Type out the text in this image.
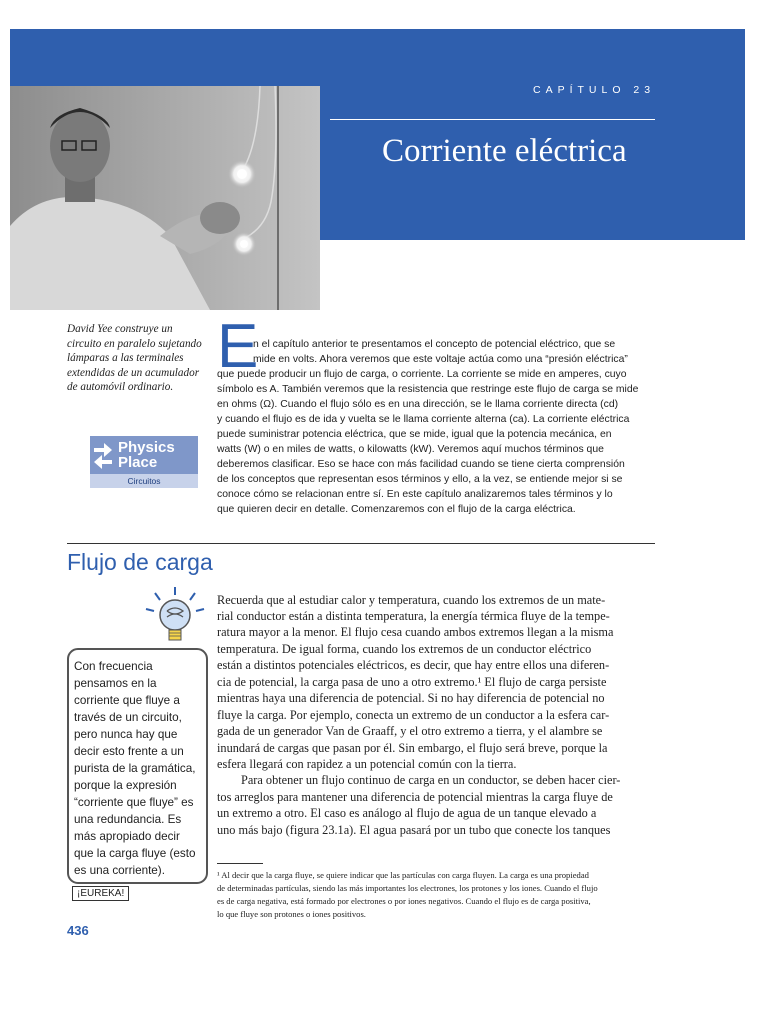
CAPÍTULO 23
Corriente eléctrica
David Yee construye un circuito en paralelo sujetando lámparas a las terminales extendidas de un acumulador de automóvil ordinario.
Physics
Place
Circuitos
E
n el capítulo anterior te presentamos el concepto de potencial eléctrico, que se
mide en volts. Ahora veremos que este voltaje actúa como una “presión eléctrica”
que puede producir un flujo de carga, o corriente. La corriente se mide en amperes, cuyo
símbolo es A. También veremos que la resistencia que restringe este flujo de carga se mide
en ohms (Ω). Cuando el flujo sólo es en una dirección, se le llama corriente directa (cd)
y cuando el flujo es de ida y vuelta se le llama corriente alterna (ca). La corriente eléctrica
puede suministrar potencia eléctrica, que se mide, igual que la potencia mecánica, en
watts (W) o en miles de watts, o kilowatts (kW). Veremos aquí muchos términos que
deberemos clasificar. Eso se hace con más facilidad cuando se tiene cierta comprensión
de los conceptos que representan esos términos y ello, a la vez, se entiende mejor si se
conoce cómo se relacionan entre sí. En este capítulo analizaremos tales términos y lo
que quieren decir en detalle. Comenzaremos con el flujo de la carga eléctrica.
Flujo de carga
Recuerda que al estudiar calor y temperatura, cuando los extremos de un mate-
rial conductor están a distinta temperatura, la energía térmica fluye de la tempe-
ratura mayor a la menor. El flujo cesa cuando ambos extremos llegan a la misma
temperatura. De igual forma, cuando los extremos de un conductor eléctrico
están a distintos potenciales eléctricos, es decir, que hay entre ellos una diferen-
cia de potencial, la carga pasa de uno a otro extremo.¹ El flujo de carga persiste
mientras haya una diferencia de potencial. Si no hay diferencia de potencial no
fluye la carga. Por ejemplo, conecta un extremo de un conductor a la esfera car-
gada de un generador Van de Graaff, y el otro extremo a tierra, y el alambre se
inundará de cargas que pasan por él. Sin embargo, el flujo será breve, porque la
esfera llegará con rapidez a un potencial común con la tierra.
Para obtener un flujo continuo de carga en un conductor, se deben hacer cier-
tos arreglos para mantener una diferencia de potencial mientras la carga fluye de
un extremo a otro. El caso es análogo al flujo de agua de un tanque elevado a
uno más bajo (figura 23.1a). El agua pasará por un tubo que conecte los tanques
Con frecuencia pensamos en la corriente que fluye a través de un circuito, pero nunca hay que decir esto frente a un purista de la gramática, porque la expresión “corriente que fluye” es una redundancia. Es más apropiado decir que la carga fluye (esto es una corriente).
¡EUREKA!
¹ Al decir que la carga fluye, se quiere indicar que las partículas con carga fluyen. La carga es una propiedad
de determinadas partículas, siendo las más importantes los electrones, los protones y los iones. Cuando el flujo
es de carga negativa, está formado por electrones o por iones negativos. Cuando el flujo es de carga positiva,
lo que fluye son protones o iones positivos.
436
